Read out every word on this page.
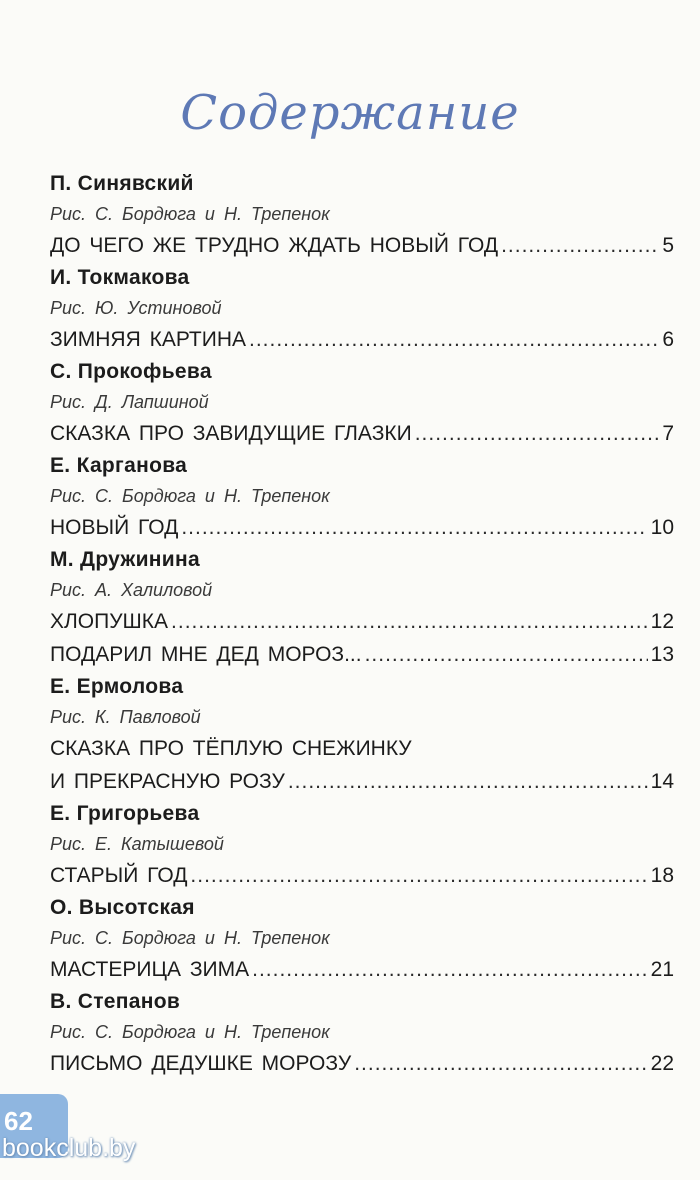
Содержание
П. Синявский
Рис. С. Бордюга и Н. Трепенок
ДО ЧЕГО ЖЕ ТРУДНО ЖДАТЬ НОВЫЙ ГОД .....	5
И. Токмакова
Рис. Ю. Устиновой
ЗИМНЯЯ КАРТИНА .....	6
С. Прокофьева
Рис. Д. Лапшиной
СКАЗКА ПРО ЗАВИДУЩИЕ ГЛАЗКИ .....	7
Е. Карганова
Рис. С. Бордюга и Н. Трепенок
НОВЫЙ ГОД .....	10
М. Дружинина
Рис. А. Халиловой
ХЛОПУШКА .....	12
ПОДАРИЛ МНЕ ДЕД МОРОЗ... .....	13
Е. Ермолова
Рис. К. Павловой
СКАЗКА ПРО ТЁПЛУЮ СНЕЖИНКУ
И ПРЕКРАСНУЮ РОЗУ .....	14
Е. Григорьева
Рис. Е. Катышевой
СТАРЫЙ ГОД .....	18
О. Высотская
Рис. С. Бордюга и Н. Трепенок
МАСТЕРИЦА ЗИМА .....	21
В. Степанов
Рис. С. Бордюга и Н. Трепенок
ПИСЬМО ДЕДУШКЕ МОРОЗУ .....	22
62
bookclub.by
